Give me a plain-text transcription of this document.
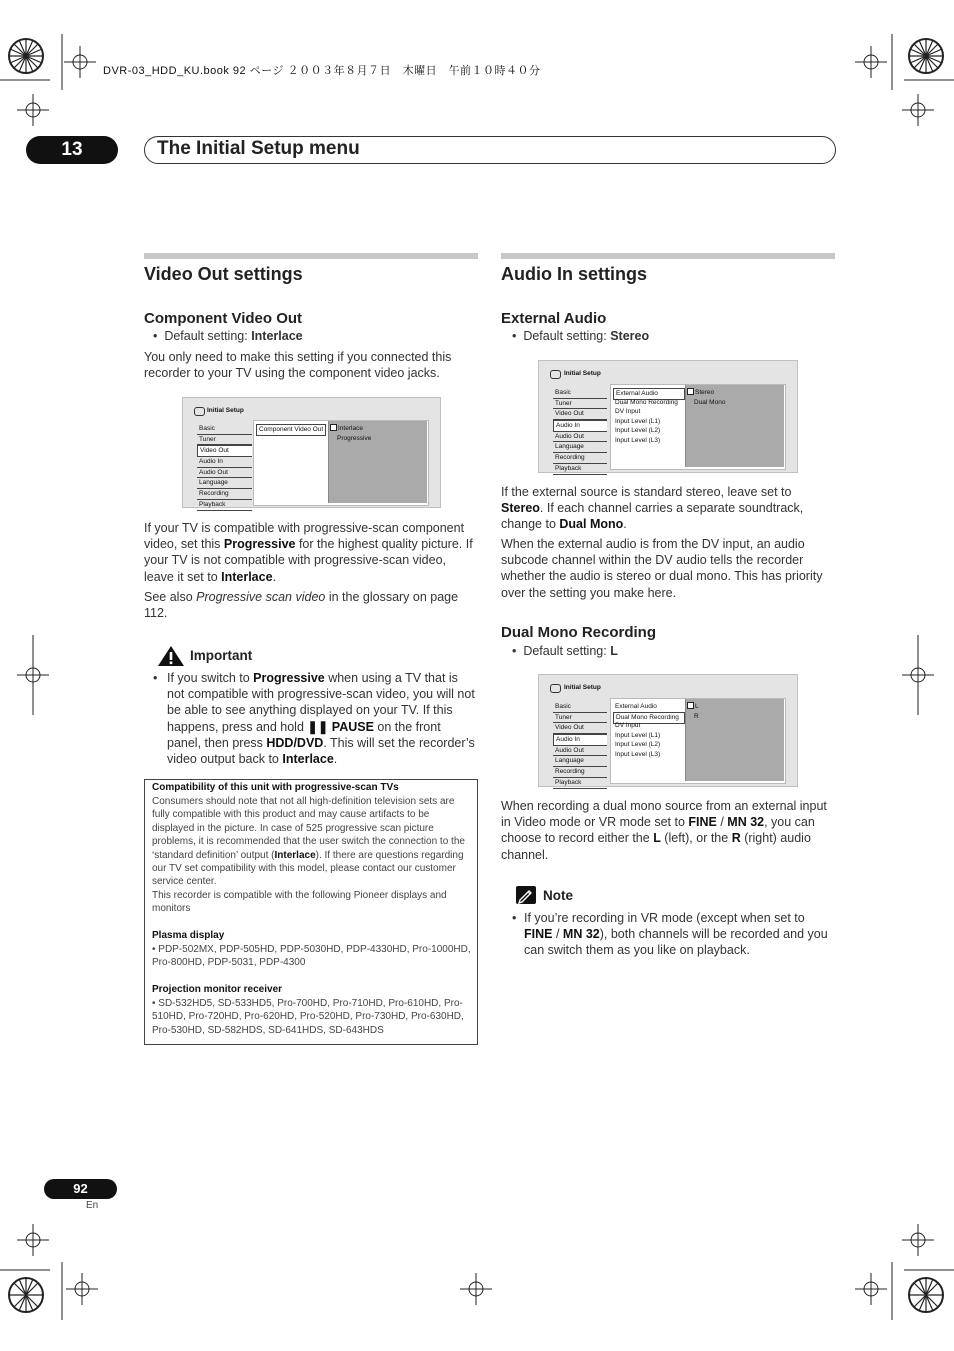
DVR-03_HDD_KU.book 92 ページ ２００３年８月７日　木曜日　午前１０時４０分
13	The Initial Setup menu
Video Out settings
Component Video Out
•  Default setting: Interlace
You only need to make this setting if you connected this recorder to your TV using the component video jacks.
Initial Setup
Basic
Tuner
Video Out
Audio In
Audio Out
Language
Recording
Playback
Component Video Out	Interlace
Progressive
If your TV is compatible with progressive-scan component video, set this Progressive for the highest quality picture. If your TV is not compatible with progressive-scan video, leave it set to Interlace.
See also Progressive scan video in the glossary on page 112.
Important
• If you switch to Progressive when using a TV that is not compatible with progressive-scan video, you will not be able to see anything displayed on your TV. If this happens, press and hold ❚❚ PAUSE on the front panel, then press HDD/DVD. This will set the recorder’s video output back to Interlace.
Compatibility of this unit with progressive-scan TVs
Consumers should note that not all high-definition television sets are fully compatible with this product and may cause artifacts to be displayed in the picture. In case of 525 progressive scan picture problems, it is recommended that the user switch the connection to the ‘standard definition’ output (Interlace). If there are questions regarding our TV set compatibility with this model, please contact our customer service center.
This recorder is compatible with the following Pioneer displays and monitors
Plasma display
• PDP-502MX, PDP-505HD, PDP-5030HD, PDP-4330HD, Pro-1000HD, Pro-800HD, PDP-5031, PDP-4300
Projection monitor receiver
• SD-532HD5, SD-533HD5, Pro-700HD, Pro-710HD, Pro-610HD, Pro-510HD, Pro-720HD, Pro-620HD, Pro-520HD, Pro-730HD, Pro-630HD, Pro-530HD, SD-582HDS, SD-641HDS, SD-643HDS
Audio In settings
External Audio
•  Default setting: Stereo
Initial Setup
Basic
Tuner
Video Out
Audio In
Audio Out
Language
Recording
Playback
External Audio
Dual Mono Recording
DV Input
Input Level (L1)
Input Level (L2)
Input Level (L3)
Stereo
Dual Mono
If the external source is standard stereo, leave set to Stereo. If each channel carries a separate soundtrack, change to Dual Mono.
When the external audio is from the DV input, an audio subcode channel within the DV audio tells the recorder whether the audio is stereo or dual mono. This has priority over the setting you make here.
Dual Mono Recording
•  Default setting: L
Initial Setup
Basic
Tuner
Video Out
Audio In
Audio Out
Language
Recording
Playback
External Audio
Dual Mono Recording
DV Input
Input Level (L1)
Input Level (L2)
Input Level (L3)
L
R
When recording a dual mono source from an external input in Video mode or VR mode set to FINE / MN 32, you can choose to record either the L (left), or the R (right) audio channel.
Note
• If you’re recording in VR mode (except when set to FINE / MN 32), both channels will be recorded and you can switch them as you like on playback.
92
En
